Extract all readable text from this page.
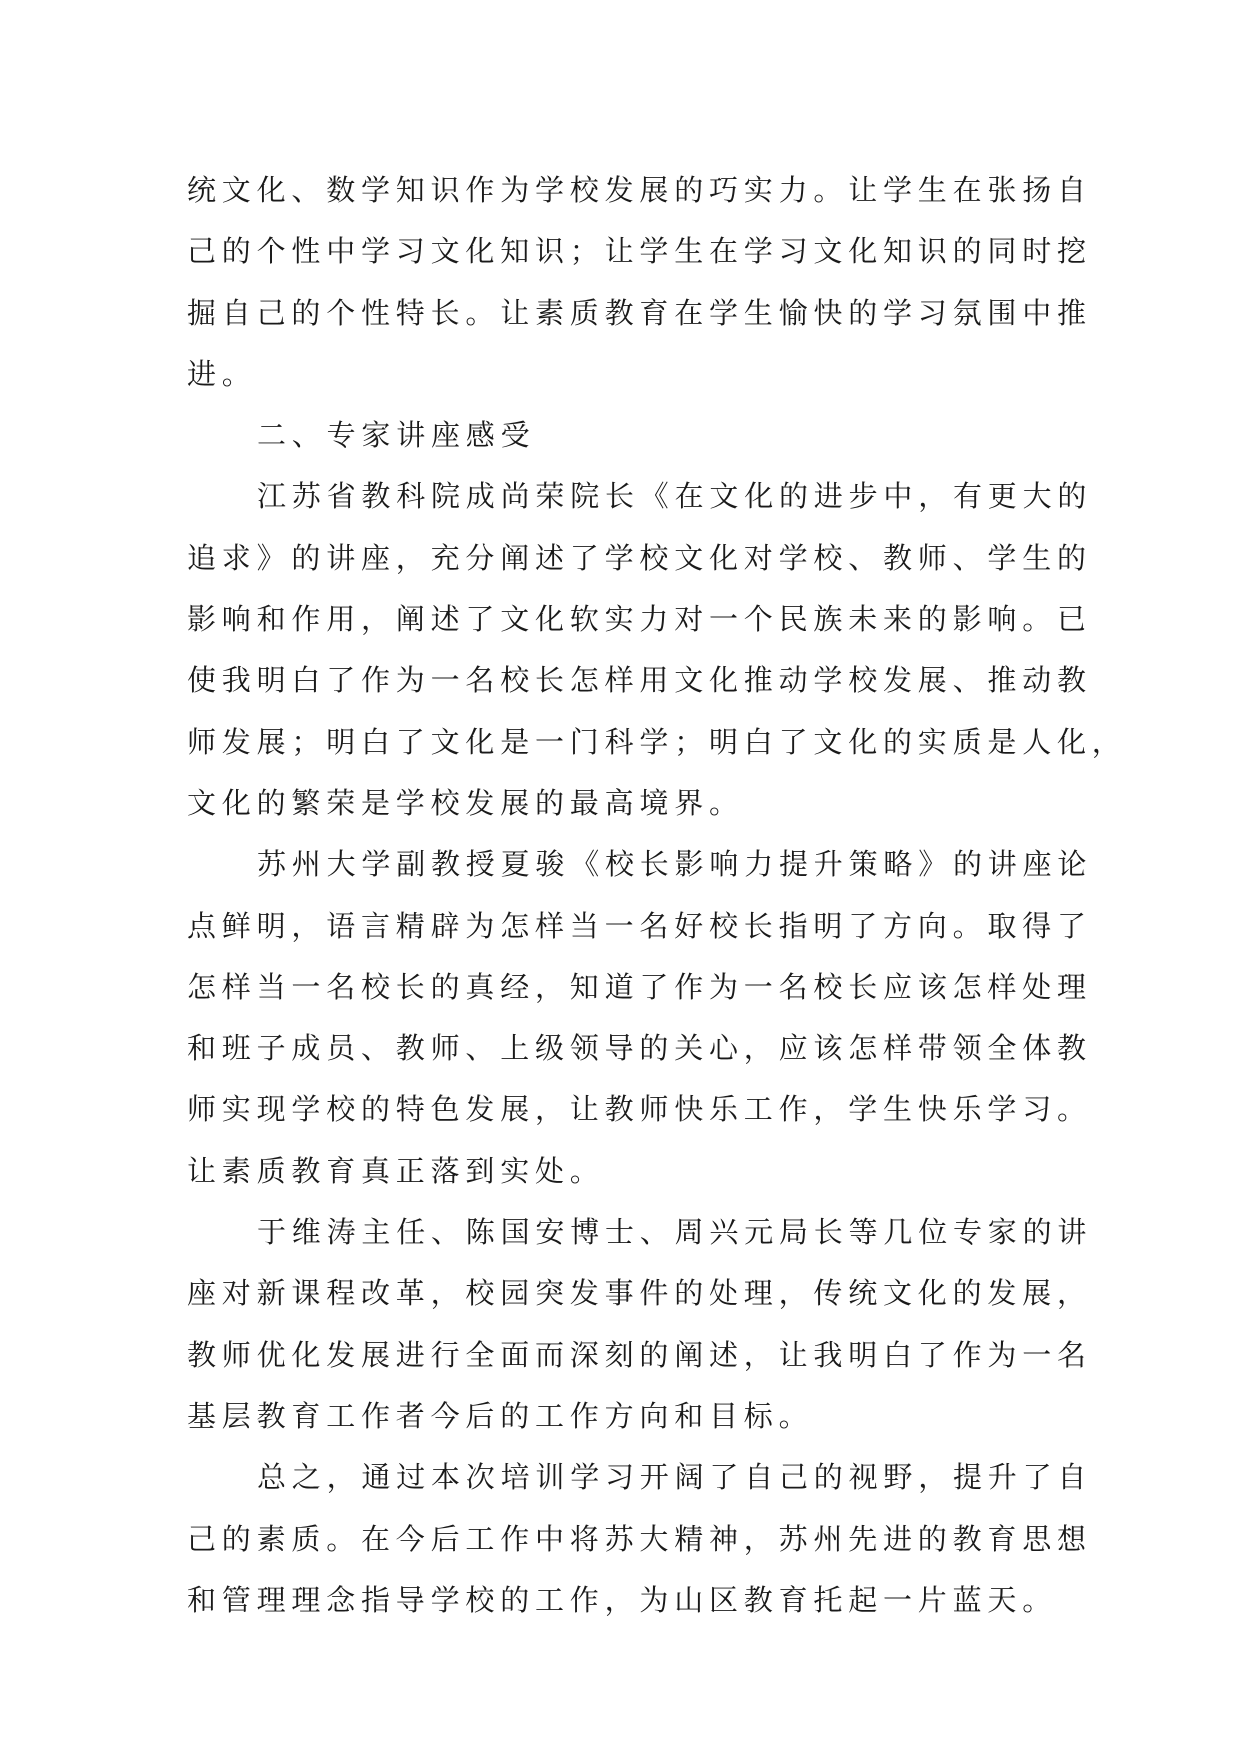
统文化、数学知识作为学校发展的巧实力。让学生在张扬自
己的个性中学习文化知识；让学生在学习文化知识的同时挖
掘自己的个性特长。让素质教育在学生愉快的学习氛围中推
进。

二、专家讲座感受

江苏省教科院成尚荣院长《在文化的进步中，有更大的
追求》的讲座，充分阐述了学校文化对学校、教师、学生的
影响和作用，阐述了文化软实力对一个民族未来的影响。已
使我明白了作为一名校长怎样用文化推动学校发展、推动教
师发展；明白了文化是一门科学；明白了文化的实质是人化，
文化的繁荣是学校发展的最高境界。

苏州大学副教授夏骏《校长影响力提升策略》的讲座论
点鲜明，语言精辟为怎样当一名好校长指明了方向。取得了
怎样当一名校长的真经，知道了作为一名校长应该怎样处理
和班子成员、教师、上级领导的关心，应该怎样带领全体教
师实现学校的特色发展，让教师快乐工作，学生快乐学习。
让素质教育真正落到实处。

于维涛主任、陈国安博士、周兴元局长等几位专家的讲
座对新课程改革，校园突发事件的处理，传统文化的发展，
教师优化发展进行全面而深刻的阐述，让我明白了作为一名
基层教育工作者今后的工作方向和目标。

总之，通过本次培训学习开阔了自己的视野，提升了自
己的素质。在今后工作中将苏大精神，苏州先进的教育思想
和管理理念指导学校的工作，为山区教育托起一片蓝天。
